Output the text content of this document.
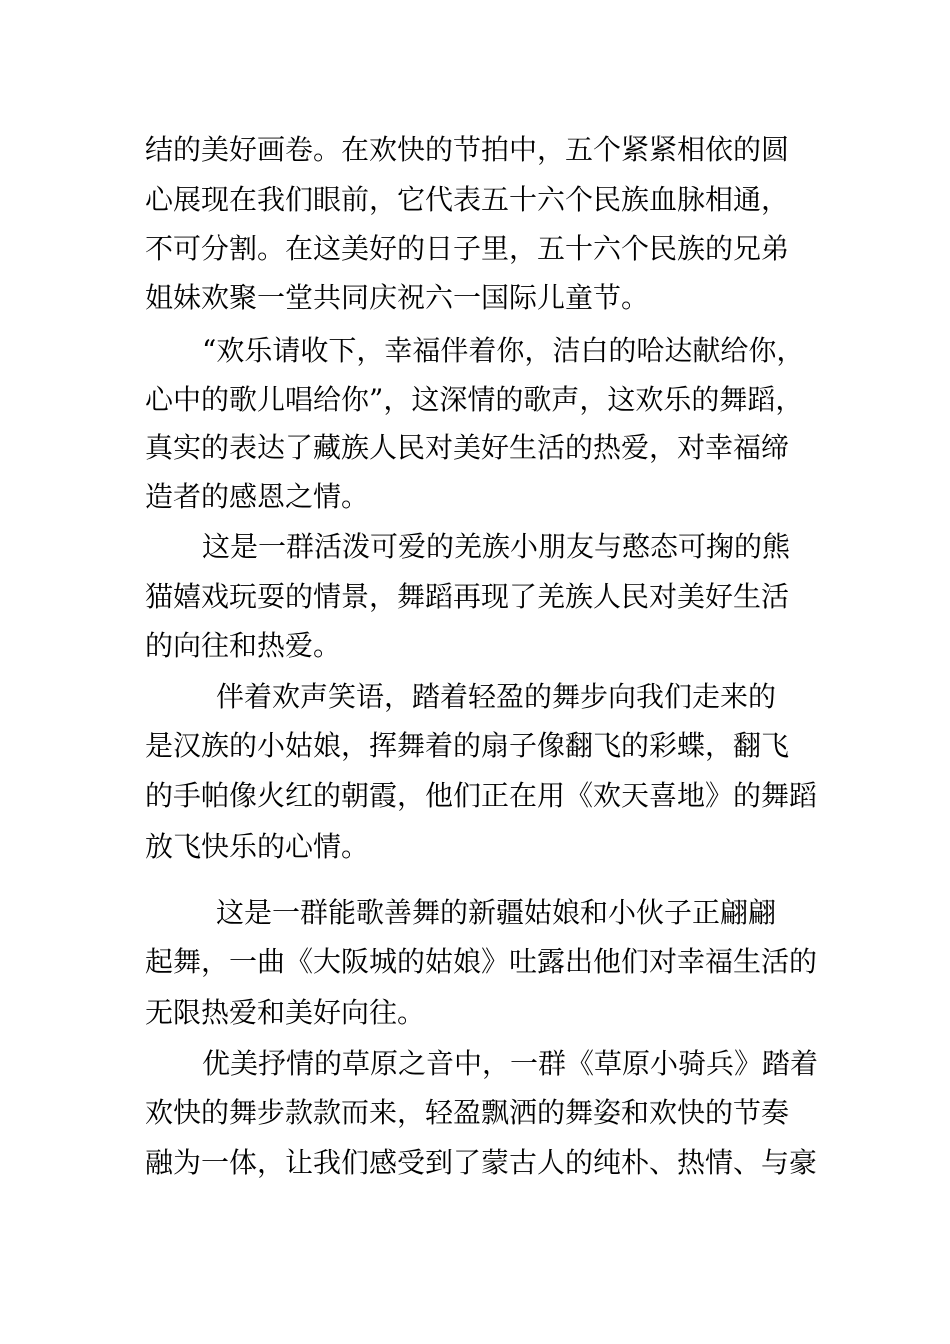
结的美好画卷。在欢快的节拍中，五个紧紧相依的圆
心展现在我们眼前，它代表五十六个民族血脉相通，
不可分割。在这美好的日子里，五十六个民族的兄弟
姐妹欢聚一堂共同庆祝六一国际儿童节。
“欢乐请收下，幸福伴着你，洁白的哈达献给你，
心中的歌儿唱给你”，这深情的歌声，这欢乐的舞蹈，
真实的表达了藏族人民对美好生活的热爱，对幸福缔
造者的感恩之情。
这是一群活泼可爱的羌族小朋友与憨态可掬的熊
猫嬉戏玩耍的情景，舞蹈再现了羌族人民对美好生活
的向往和热爱。
伴着欢声笑语，踏着轻盈的舞步向我们走来的
是汉族的小姑娘，挥舞着的扇子像翻飞的彩蝶，翻飞
的手帕像火红的朝霞，他们正在用《欢天喜地》的舞蹈
放飞快乐的心情。
这是一群能歌善舞的新疆姑娘和小伙子正翩翩
起舞，一曲《大阪城的姑娘》吐露出他们对幸福生活的
无限热爱和美好向往。
优美抒情的草原之音中，一群《草原小骑兵》踏着
欢快的舞步款款而来，轻盈飘洒的舞姿和欢快的节奏
融为一体，让我们感受到了蒙古人的纯朴、热情、与豪
